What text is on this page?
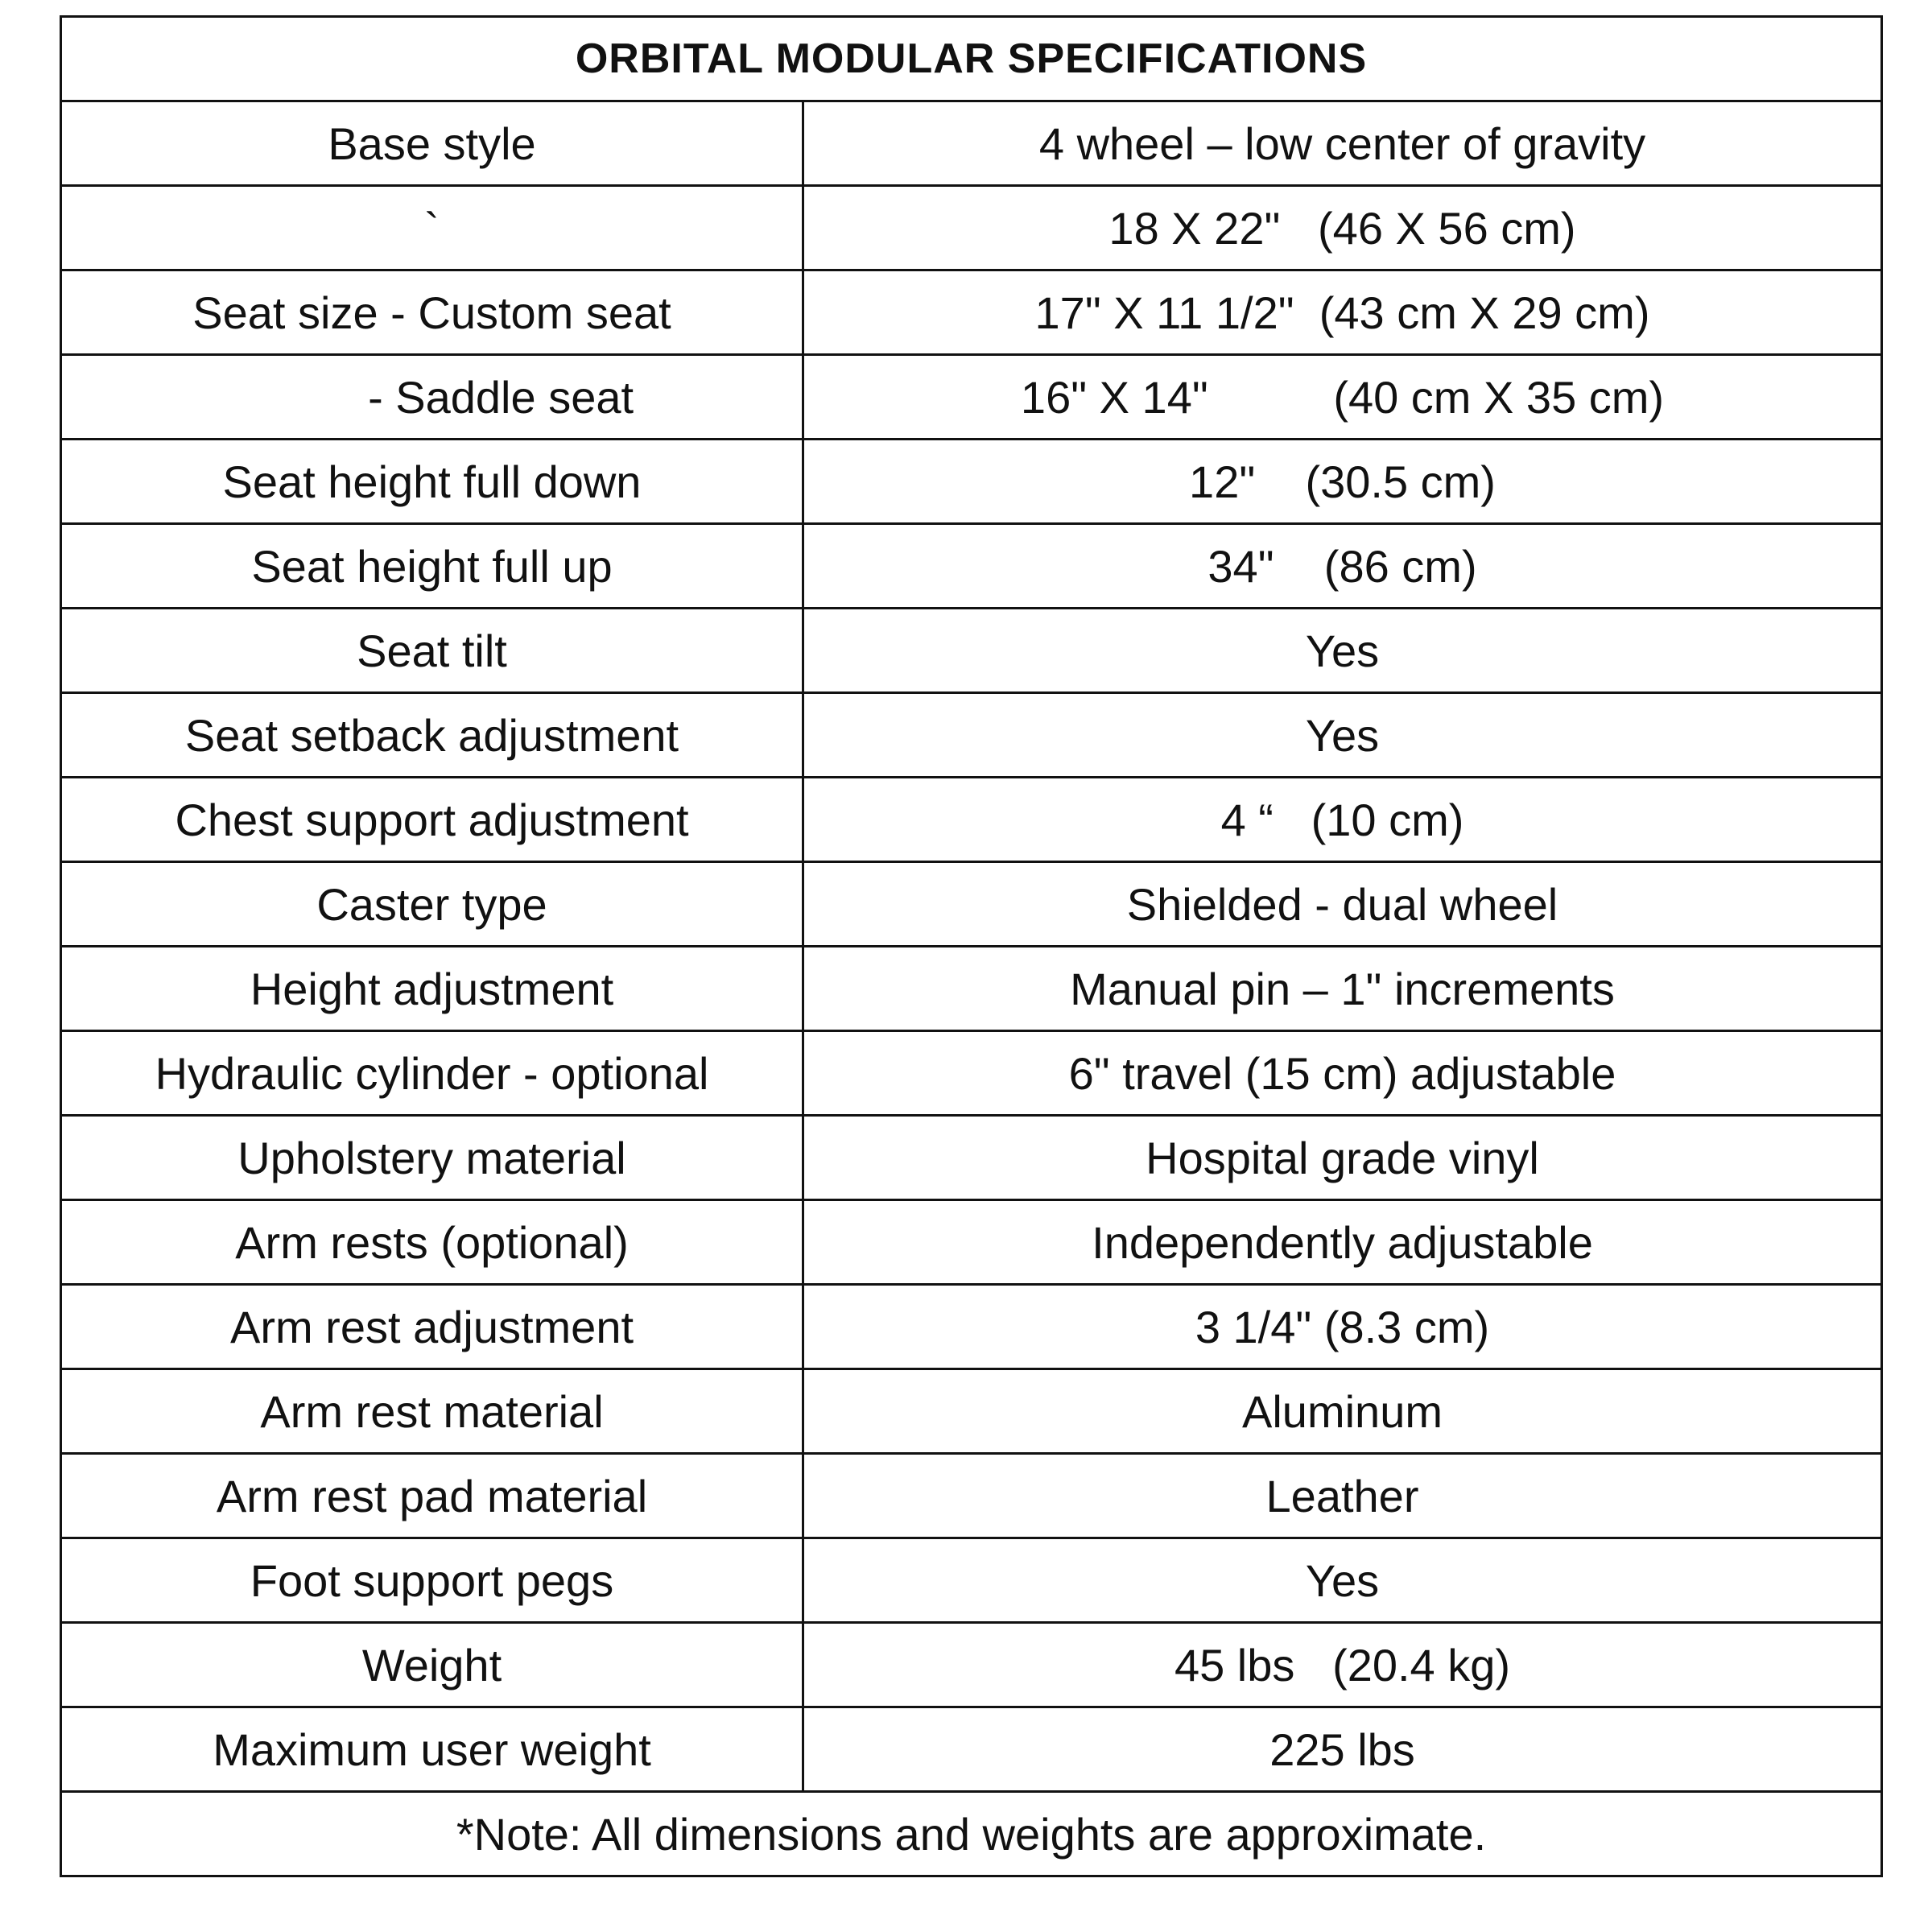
ORBITAL MODULAR SPECIFICATIONS	
Base style	4 wheel – low center of gravity
`	18 X 22"   (46 X 56 cm)
Seat size - Custom seat	17" X 11 1/2"  (43 cm X 29 cm)
- Saddle seat	16" X 14"          (40 cm X 35 cm)
Seat height full down	12"    (30.5 cm)
Seat height full up	34"    (86 cm)
Seat tilt	Yes
Seat setback adjustment	Yes
Chest support adjustment	4 “   (10 cm)
Caster type	Shielded - dual wheel
Height adjustment	Manual pin – 1" increments
Hydraulic cylinder - optional	6" travel (15 cm) adjustable
Upholstery material	Hospital grade vinyl
Arm rests (optional)	Independently adjustable
Arm rest adjustment	3 1/4" (8.3 cm)
Arm rest material	Aluminum
Arm rest pad material	Leather
Foot support pegs	Yes
Weight	45 lbs   (20.4 kg)
Maximum user weight	225 lbs
*Note: All dimensions and weights are approximate.	
